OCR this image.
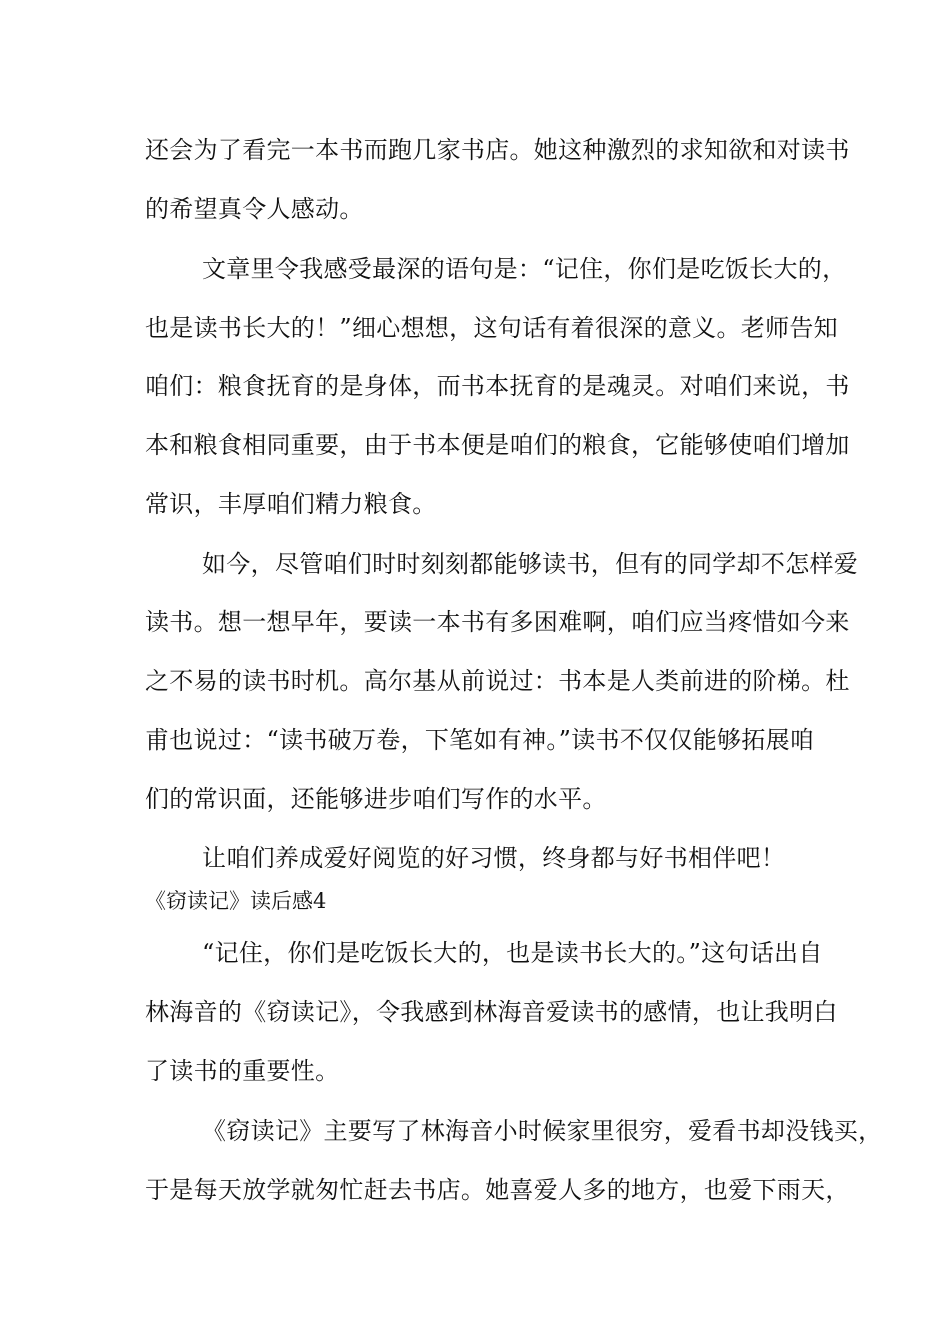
还会为了看完一本书而跑几家书店。她这种激烈的求知欲和对读书
的希望真令人感动。
文章里令我感受最深的语句是：“记住，你们是吃饭长大的，
也是读书长大的！”细心想想，这句话有着很深的意义。老师告知
咱们：粮食抚育的是身体，而书本抚育的是魂灵。对咱们来说，书
本和粮食相同重要，由于书本便是咱们的粮食，它能够使咱们增加
常识，丰厚咱们精力粮食。
如今，尽管咱们时时刻刻都能够读书，但有的同学却不怎样爱
读书。想一想早年，要读一本书有多困难啊，咱们应当疼惜如今来
之不易的读书时机。高尔基从前说过：书本是人类前进的阶梯。杜
甫也说过：“读书破万卷，下笔如有神。”读书不仅仅能够拓展咱
们的常识面，还能够进步咱们写作的水平。
让咱们养成爱好阅览的好习惯，终身都与好书相伴吧！
《窃读记》读后感4
“记住，你们是吃饭长大的，也是读书长大的。”这句话出自
林海音的《窃读记》，令我感到林海音爱读书的感情，也让我明白
了读书的重要性。
《窃读记》主要写了林海音小时候家里很穷，爱看书却没钱买，
于是每天放学就匆忙赶去书店。她喜爱人多的地方，也爱下雨天，
